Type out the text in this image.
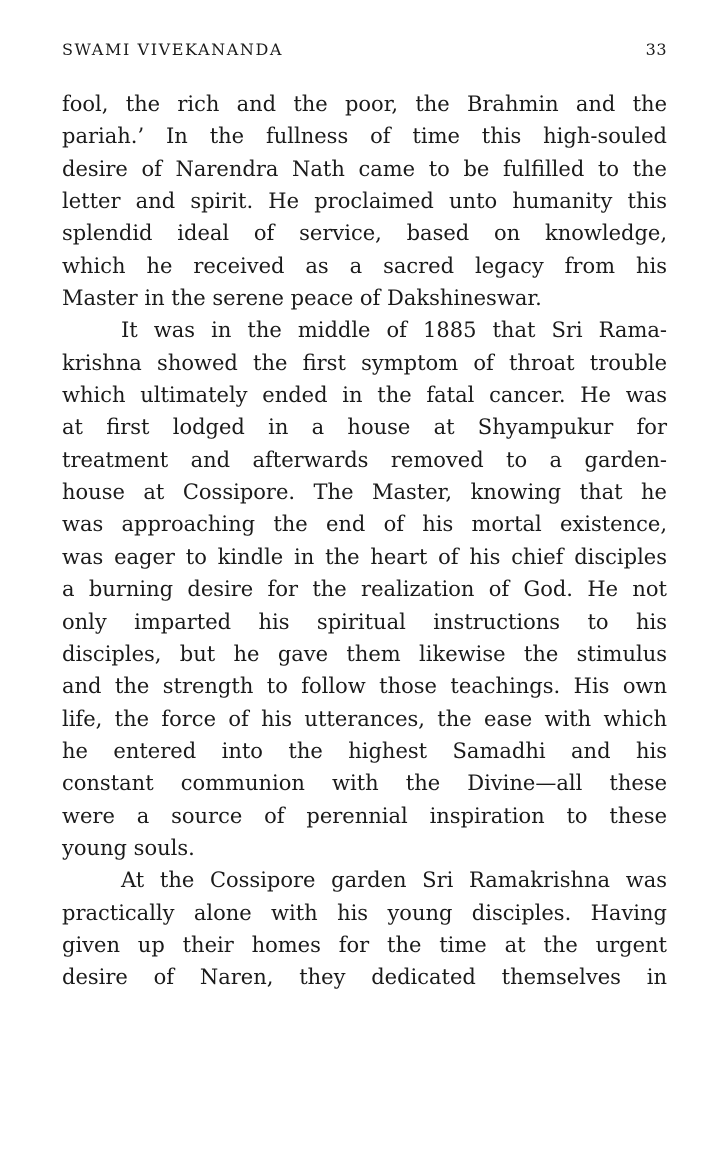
SWAMI VIVEKANANDA	33
fool, the rich and the poor, the Brahmin and the
pariah.’ In the fullness of time this high-souled
desire of Narendra Nath came to be fulfilled to the
letter and spirit. He proclaimed unto humanity this
splendid ideal of service, based on knowledge,
which he received as a sacred legacy from his
Master in the serene peace of Dakshineswar.
It was in the middle of 1885 that Sri Rama-
krishna showed the first symptom of throat trouble
which ultimately ended in the fatal cancer. He was
at first lodged in a house at Shyampukur for
treatment and afterwards removed to a garden-
house at Cossipore. The Master, knowing that he
was approaching the end of his mortal existence,
was eager to kindle in the heart of his chief disciples
a burning desire for the realization of God. He not
only imparted his spiritual instructions to his
disciples, but he gave them likewise the stimulus
and the strength to follow those teachings. His own
life, the force of his utterances, the ease with which
he entered into the highest Samadhi and his
constant communion with the Divine—all these
were a source of perennial inspiration to these
young souls.
At the Cossipore garden Sri Ramakrishna was
practically alone with his young disciples. Having
given up their homes for the time at the urgent
desire of Naren, they dedicated themselves in
